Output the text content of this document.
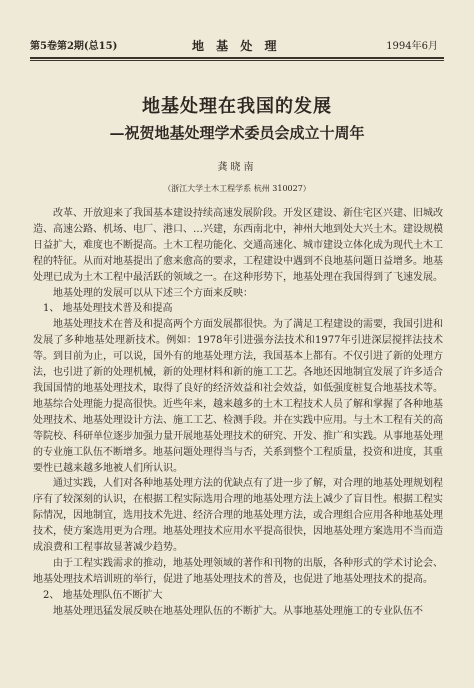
第5卷第2期(总15)	地 基 处 理	1994年6月
地基处理在我国的发展
—祝贺地基处理学术委员会成立十周年
龚晓南
（浙江大学土木工程学系 杭州 310027）

改革、开放迎来了我国基本建设持续高速发展阶段。开发区建设、新住宅区兴建、旧城改造、高速公路、机场、电厂、港口、…兴建，东西南北中，神州大地到处大兴土木。建设规模日益扩大，难度也不断提高。土木工程功能化、交通高速化、城市建设立体化成为现代土木工程的特征。从而对地基提出了愈来愈高的要求，工程建设中遇到不良地基问题日益增多。地基处理已成为土木工程中最活跃的领域之一。在这种形势下，地基处理在我国得到了飞速发展。

地基处理的发展可以从下述三个方面来反映：

1、 地基处理技术普及和提高

地基处理技术在普及和提高两个方面发展都很快。为了满足工程建设的需要，我国引进和发展了多种地基处理新技术。例如：1978年引进强夯法技术和1977年引进深层搅拌法技术等。到目前为止，可以说，国外有的地基处理方法，我国基本上都有。不仅引进了新的处理方法，也引进了新的处理机械，新的处理材料和新的施工工艺。各地还因地制宜发展了许多适合我国国情的地基处理技术，取得了良好的经济效益和社会效益，如低强度桩复合地基技术等。地基综合处理能力提高很快。近些年来，越来越多的土木工程技术人员了解和掌握了各种地基处理技术、地基处理设计方法、施工工艺、检测手段。并在实践中应用。与土木工程有关的高等院校、科研单位逐步加强力量开展地基处理技术的研究、开发、推广和实践。从事地基处理的专业施工队伍不断增多。地基问题处理得当与否，关系到整个工程质量，投资和进度，其重要性已越来越多地被人们所认识。

通过实践，人们对各种地基处理方法的优缺点有了进一步了解，对合理的地基处理规划程序有了较深刻的认识，在根据工程实际选用合理的地基处理方法上减少了盲目性。根据工程实际情况，因地制宜，选用技术先进、经济合理的地基处理方法，或合理组合应用各种地基处理技术，使方案选用更为合理。地基处理技术应用水平提高很快，因地基处理方案选用不当而造成浪费和工程事故显著减少趋势。

由于工程实践需求的推动，地基处理领域的著作和刊物的出版，各种形式的学术讨论会、地基处理技术培训班的举行，促进了地基处理技术的普及，也促进了地基处理技术的提高。

2、 地基处理队伍不断扩大

地基处理迅猛发展反映在地基处理队伍的不断扩大。从事地基处理施工的专业队伍不
